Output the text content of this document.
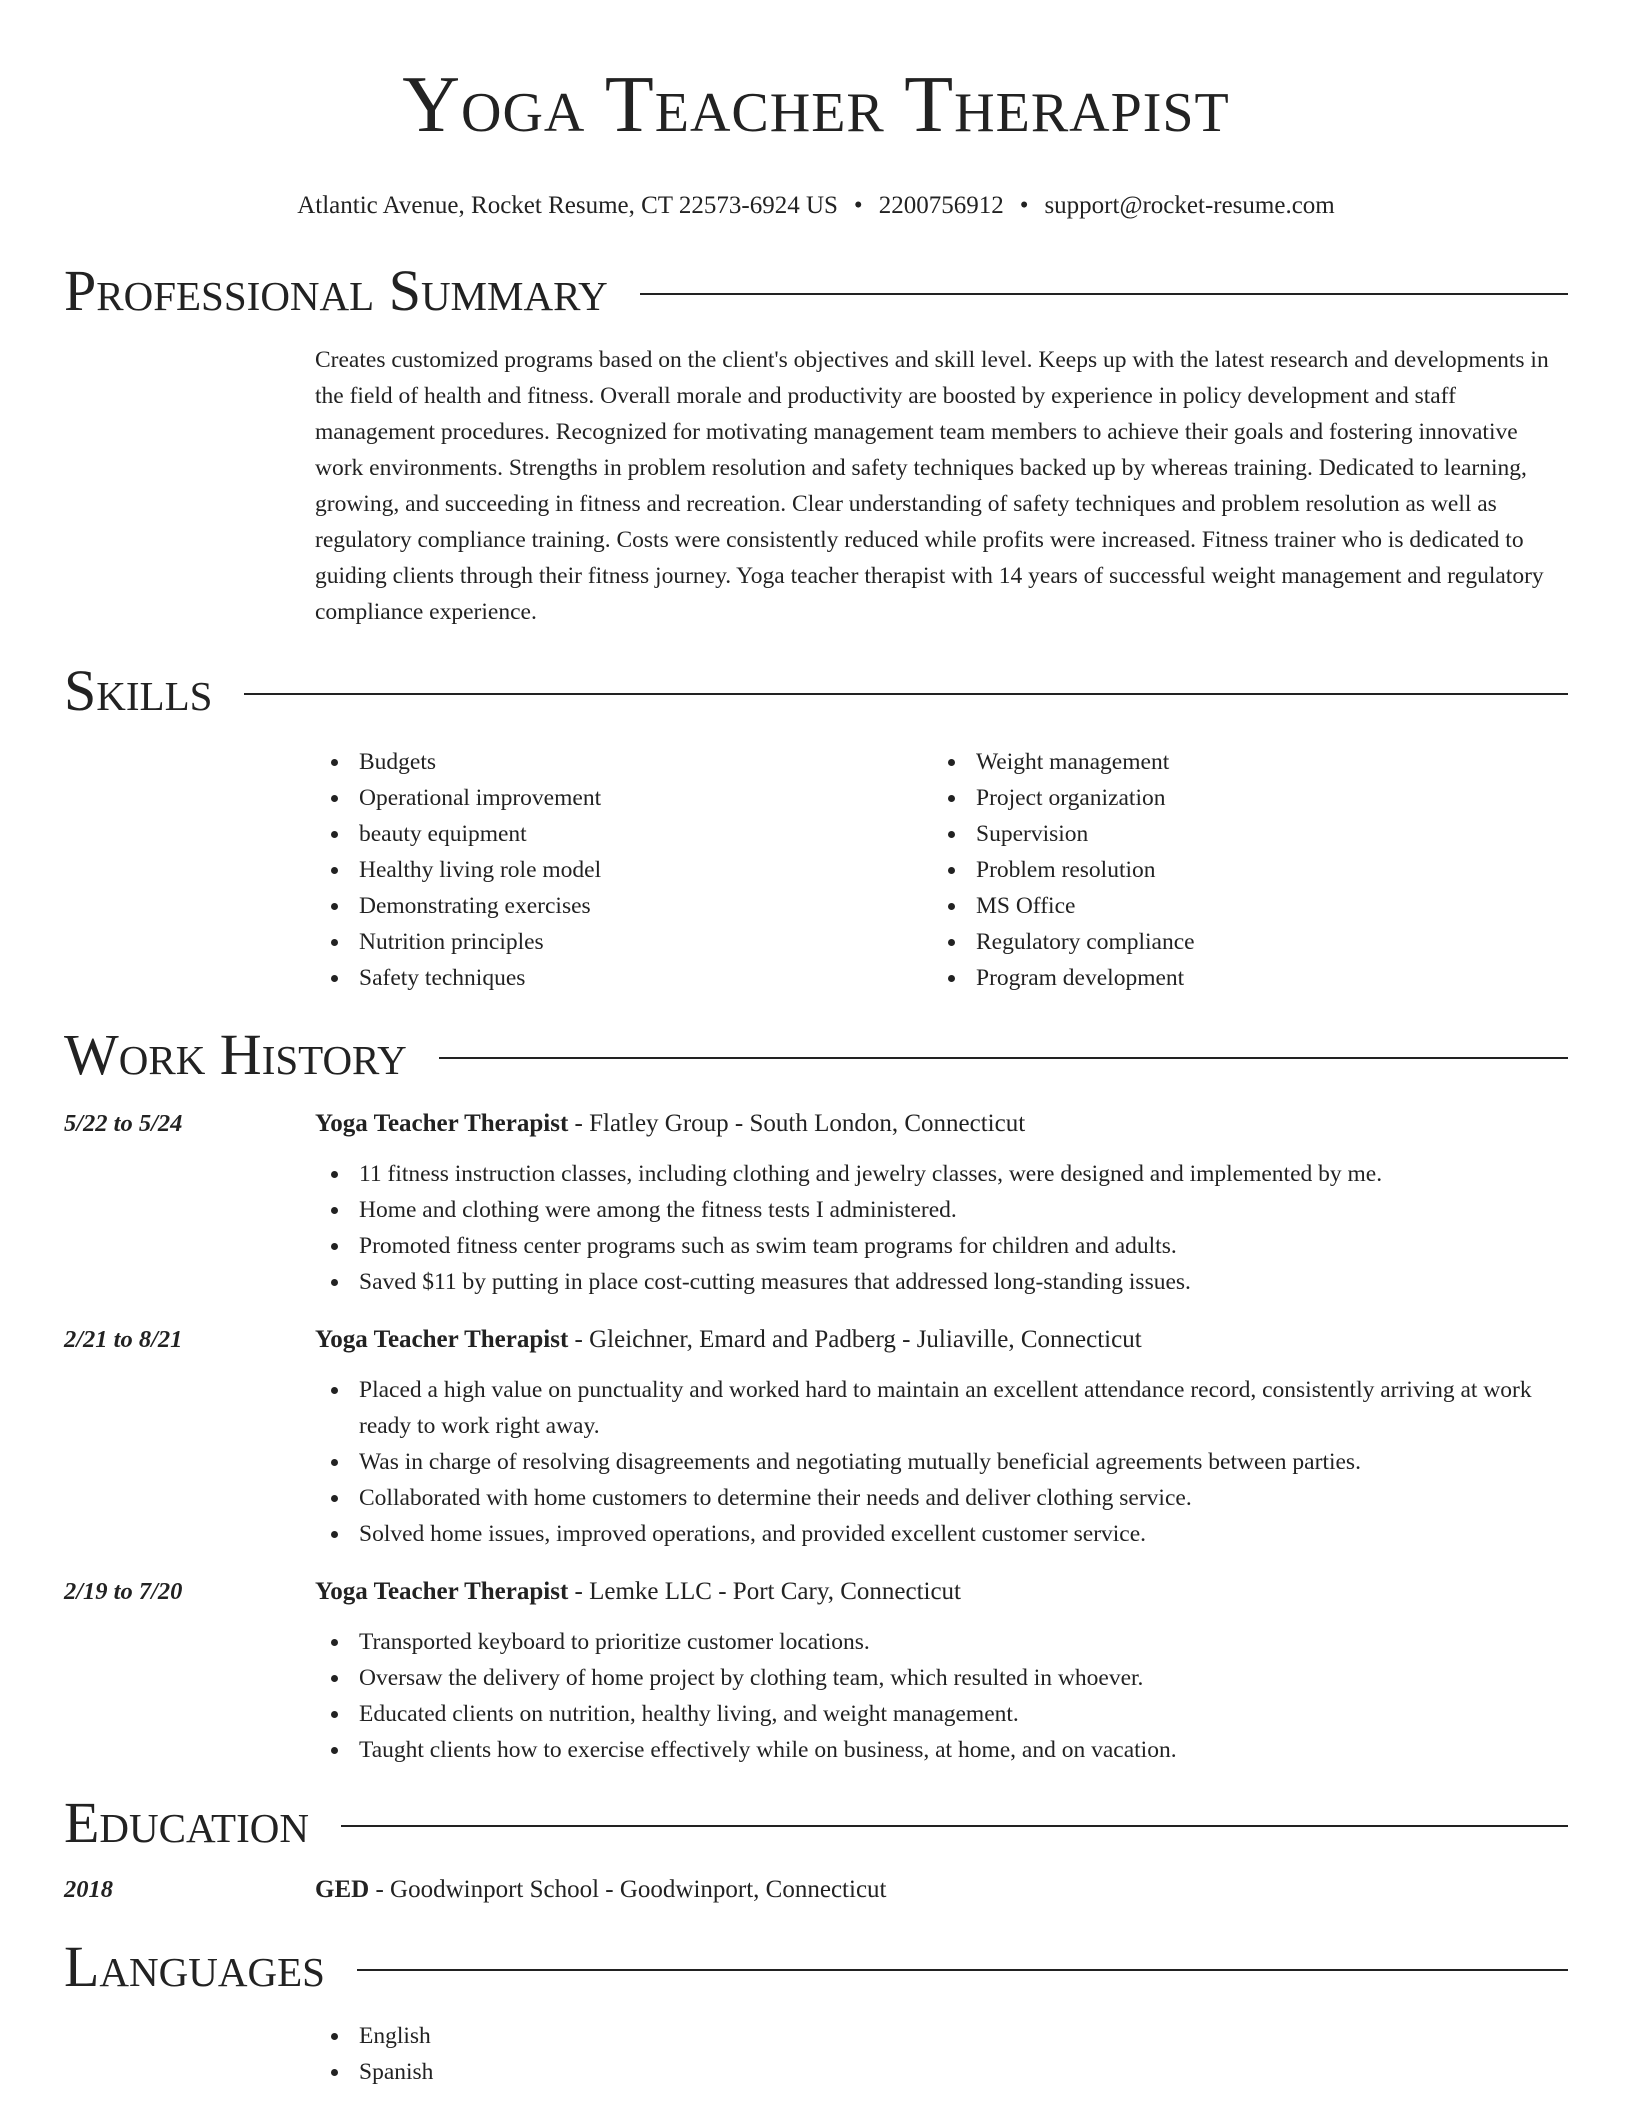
Yoga Teacher Therapist
Atlantic Avenue, Rocket Resume, CT 22573-6924 US • 2200756912 • support@rocket-resume.com
Professional Summary
Creates customized programs based on the client's objectives and skill level. Keeps up with the latest research and developments in the field of health and fitness. Overall morale and productivity are boosted by experience in policy development and staff management procedures. Recognized for motivating management team members to achieve their goals and fostering innovative work environments. Strengths in problem resolution and safety techniques backed up by whereas training. Dedicated to learning, growing, and succeeding in fitness and recreation. Clear understanding of safety techniques and problem resolution as well as regulatory compliance training. Costs were consistently reduced while profits were increased. Fitness trainer who is dedicated to guiding clients through their fitness journey. Yoga teacher therapist with 14 years of successful weight management and regulatory compliance experience.
Skills
Budgets
Operational improvement
beauty equipment
Healthy living role model
Demonstrating exercises
Nutrition principles
Safety techniques
Weight management
Project organization
Supervision
Problem resolution
MS Office
Regulatory compliance
Program development
Work History
5/22 to 5/24	Yoga Teacher Therapist - Flatley Group - South London, Connecticut
11 fitness instruction classes, including clothing and jewelry classes, were designed and implemented by me.
Home and clothing were among the fitness tests I administered.
Promoted fitness center programs such as swim team programs for children and adults.
Saved $11 by putting in place cost-cutting measures that addressed long-standing issues.
2/21 to 8/21	Yoga Teacher Therapist - Gleichner, Emard and Padberg - Juliaville, Connecticut
Placed a high value on punctuality and worked hard to maintain an excellent attendance record, consistently arriving at work ready to work right away.
Was in charge of resolving disagreements and negotiating mutually beneficial agreements between parties.
Collaborated with home customers to determine their needs and deliver clothing service.
Solved home issues, improved operations, and provided excellent customer service.
2/19 to 7/20	Yoga Teacher Therapist - Lemke LLC - Port Cary, Connecticut
Transported keyboard to prioritize customer locations.
Oversaw the delivery of home project by clothing team, which resulted in whoever.
Educated clients on nutrition, healthy living, and weight management.
Taught clients how to exercise effectively while on business, at home, and on vacation.
Education
2018	GED - Goodwinport School - Goodwinport, Connecticut
Languages
English
Spanish
